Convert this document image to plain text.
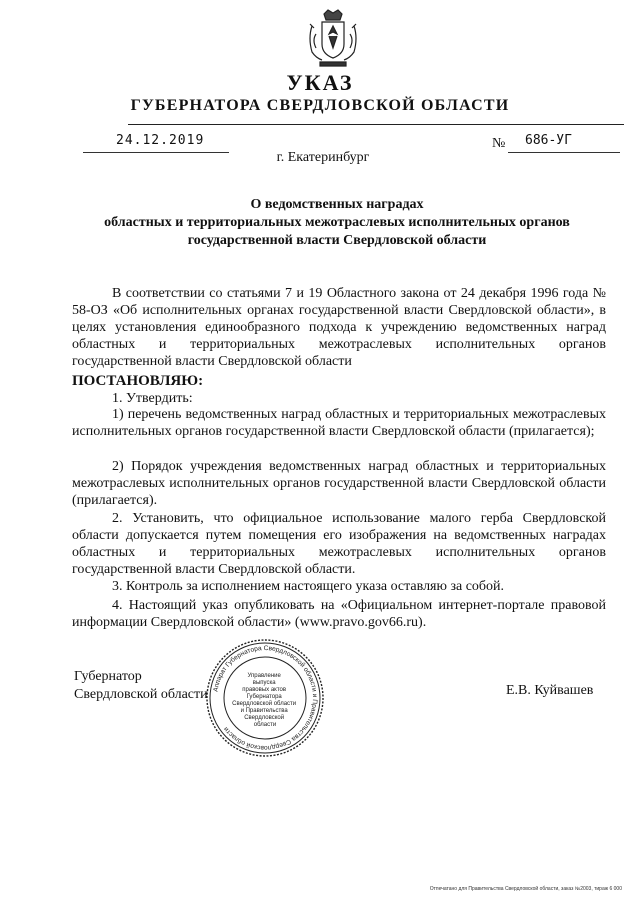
УКАЗ
ГУБЕРНАТОРА СВЕРДЛОВСКОЙ ОБЛАСТИ
24.12.2019	№ 686-УГ
г. Екатеринбург
О ведомственных наградах
областных и территориальных межотраслевых исполнительных органов
государственной власти Свердловской области
В соответствии со статьями 7 и 19 Областного закона от 24 декабря 1996 года № 58-ОЗ «Об исполнительных органах государственной власти Свердловской области», в целях установления единообразного подхода к учреждению ведомственных наград областных и территориальных межотраслевых исполнительных органов государственной власти Свердловской области
ПОСТАНОВЛЯЮ:
1. Утвердить:
1) перечень ведомственных наград областных и территориальных межотраслевых исполнительных органов государственной власти Свердловской области (прилагается);
2) Порядок учреждения ведомственных наград областных и территориальных межотраслевых исполнительных органов государственной власти Свердловской области (прилагается).
2. Установить, что официальное использование малого герба Свердловской области допускается путем помещения его изображения на ведомственных наградах областных и территориальных межотраслевых исполнительных органов государственной власти Свердловской области.
3. Контроль за исполнением настоящего указа оставляю за собой.
4. Настоящий указ опубликовать на «Официальном интернет-портале правовой информации Свердловской области» (www.pravo.gov66.ru).
Губернатор
Свердловской области	Е.В. Куйвашев
Аппарат Губернатора Свердловской области и Правительства Свердловской области
Управление выпуска правовых актов Губернатора Свердловской области и Правительства Свердловской области
Отпечатано для Правительства Свердловской области, заказ №2003, тираж 6 000
